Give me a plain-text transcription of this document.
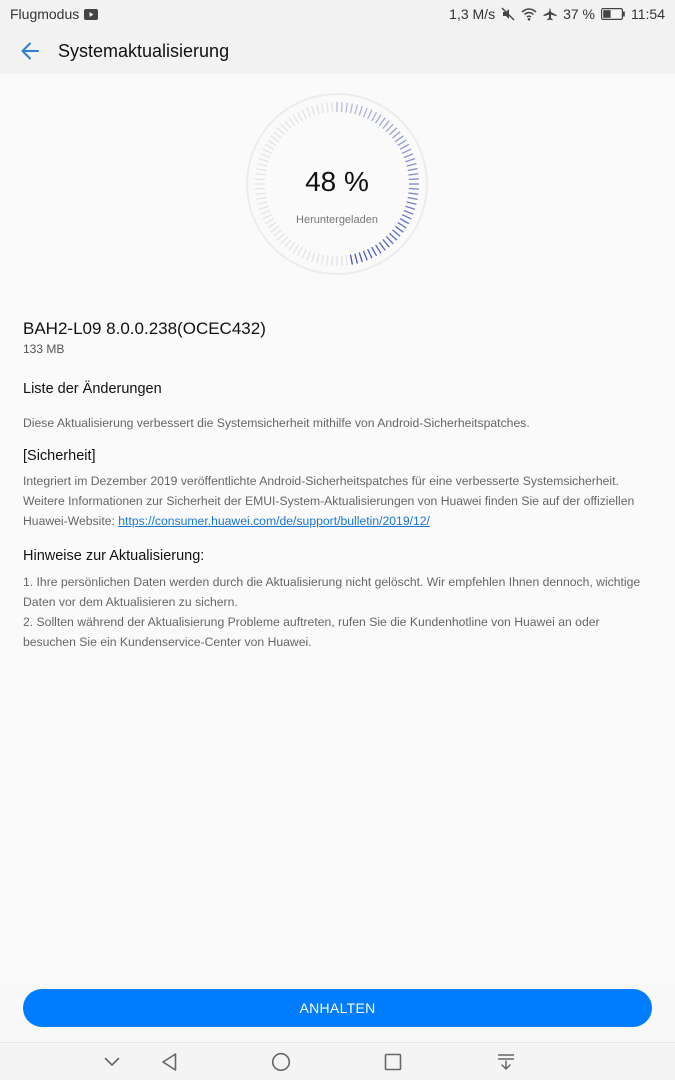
Flugmodus	1,3 M/s	37 %	11:54
Systemaktualisierung
48 %
Heruntergeladen
BAH2-L09 8.0.0.238(OCEC432)
133 MB
Liste der Änderungen
Diese Aktualisierung verbessert die Systemsicherheit mithilfe von Android-Sicherheitspatches.
[Sicherheit]
Integriert im Dezember 2019 veröffentlichte Android-Sicherheitspatches für eine verbesserte Systemsicherheit.
Weitere Informationen zur Sicherheit der EMUI-System-Aktualisierungen von Huawei finden Sie auf der offiziellen
Huawei-Website: https://consumer.huawei.com/de/support/bulletin/2019/12/
Hinweise zur Aktualisierung:
1. Ihre persönlichen Daten werden durch die Aktualisierung nicht gelöscht. Wir empfehlen Ihnen dennoch, wichtige
Daten vor dem Aktualisieren zu sichern.
2. Sollten während der Aktualisierung Probleme auftreten, rufen Sie die Kundenhotline von Huawei an oder
besuchen Sie ein Kundenservice-Center von Huawei.
ANHALTEN
